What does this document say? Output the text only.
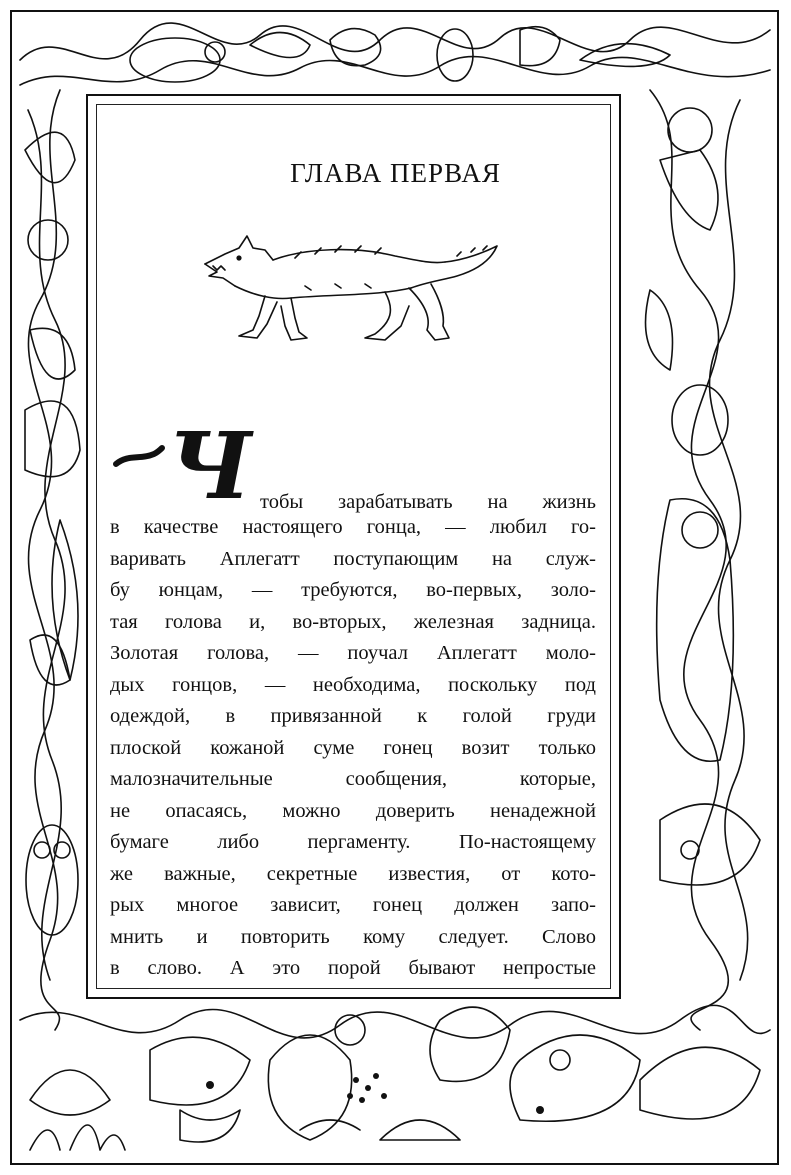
ГЛАВА ПЕРВАЯ
Ч тобы зарабатывать на жизнь
в качестве настоящего гонца, — любил го-
варивать Аплегатт поступающим на служ-
бу юнцам, — требуются, во-первых, золо-
тая голова и, во-вторых, железная задница.
Золотая голова, — поучал Аплегатт моло-
дых гонцов, — необходима, поскольку под
одеждой, в привязанной к голой груди
плоской кожаной суме гонец возит только
малозначительные сообщения, которые,
не опасаясь, можно доверить ненадежной
бумаге либо пергаменту. По-настоящему
же важные, секретные известия, от кото-
рых многое зависит, гонец должен запо-
мнить и повторить кому следует. Слово
в слово. А это порой бывают непростые
